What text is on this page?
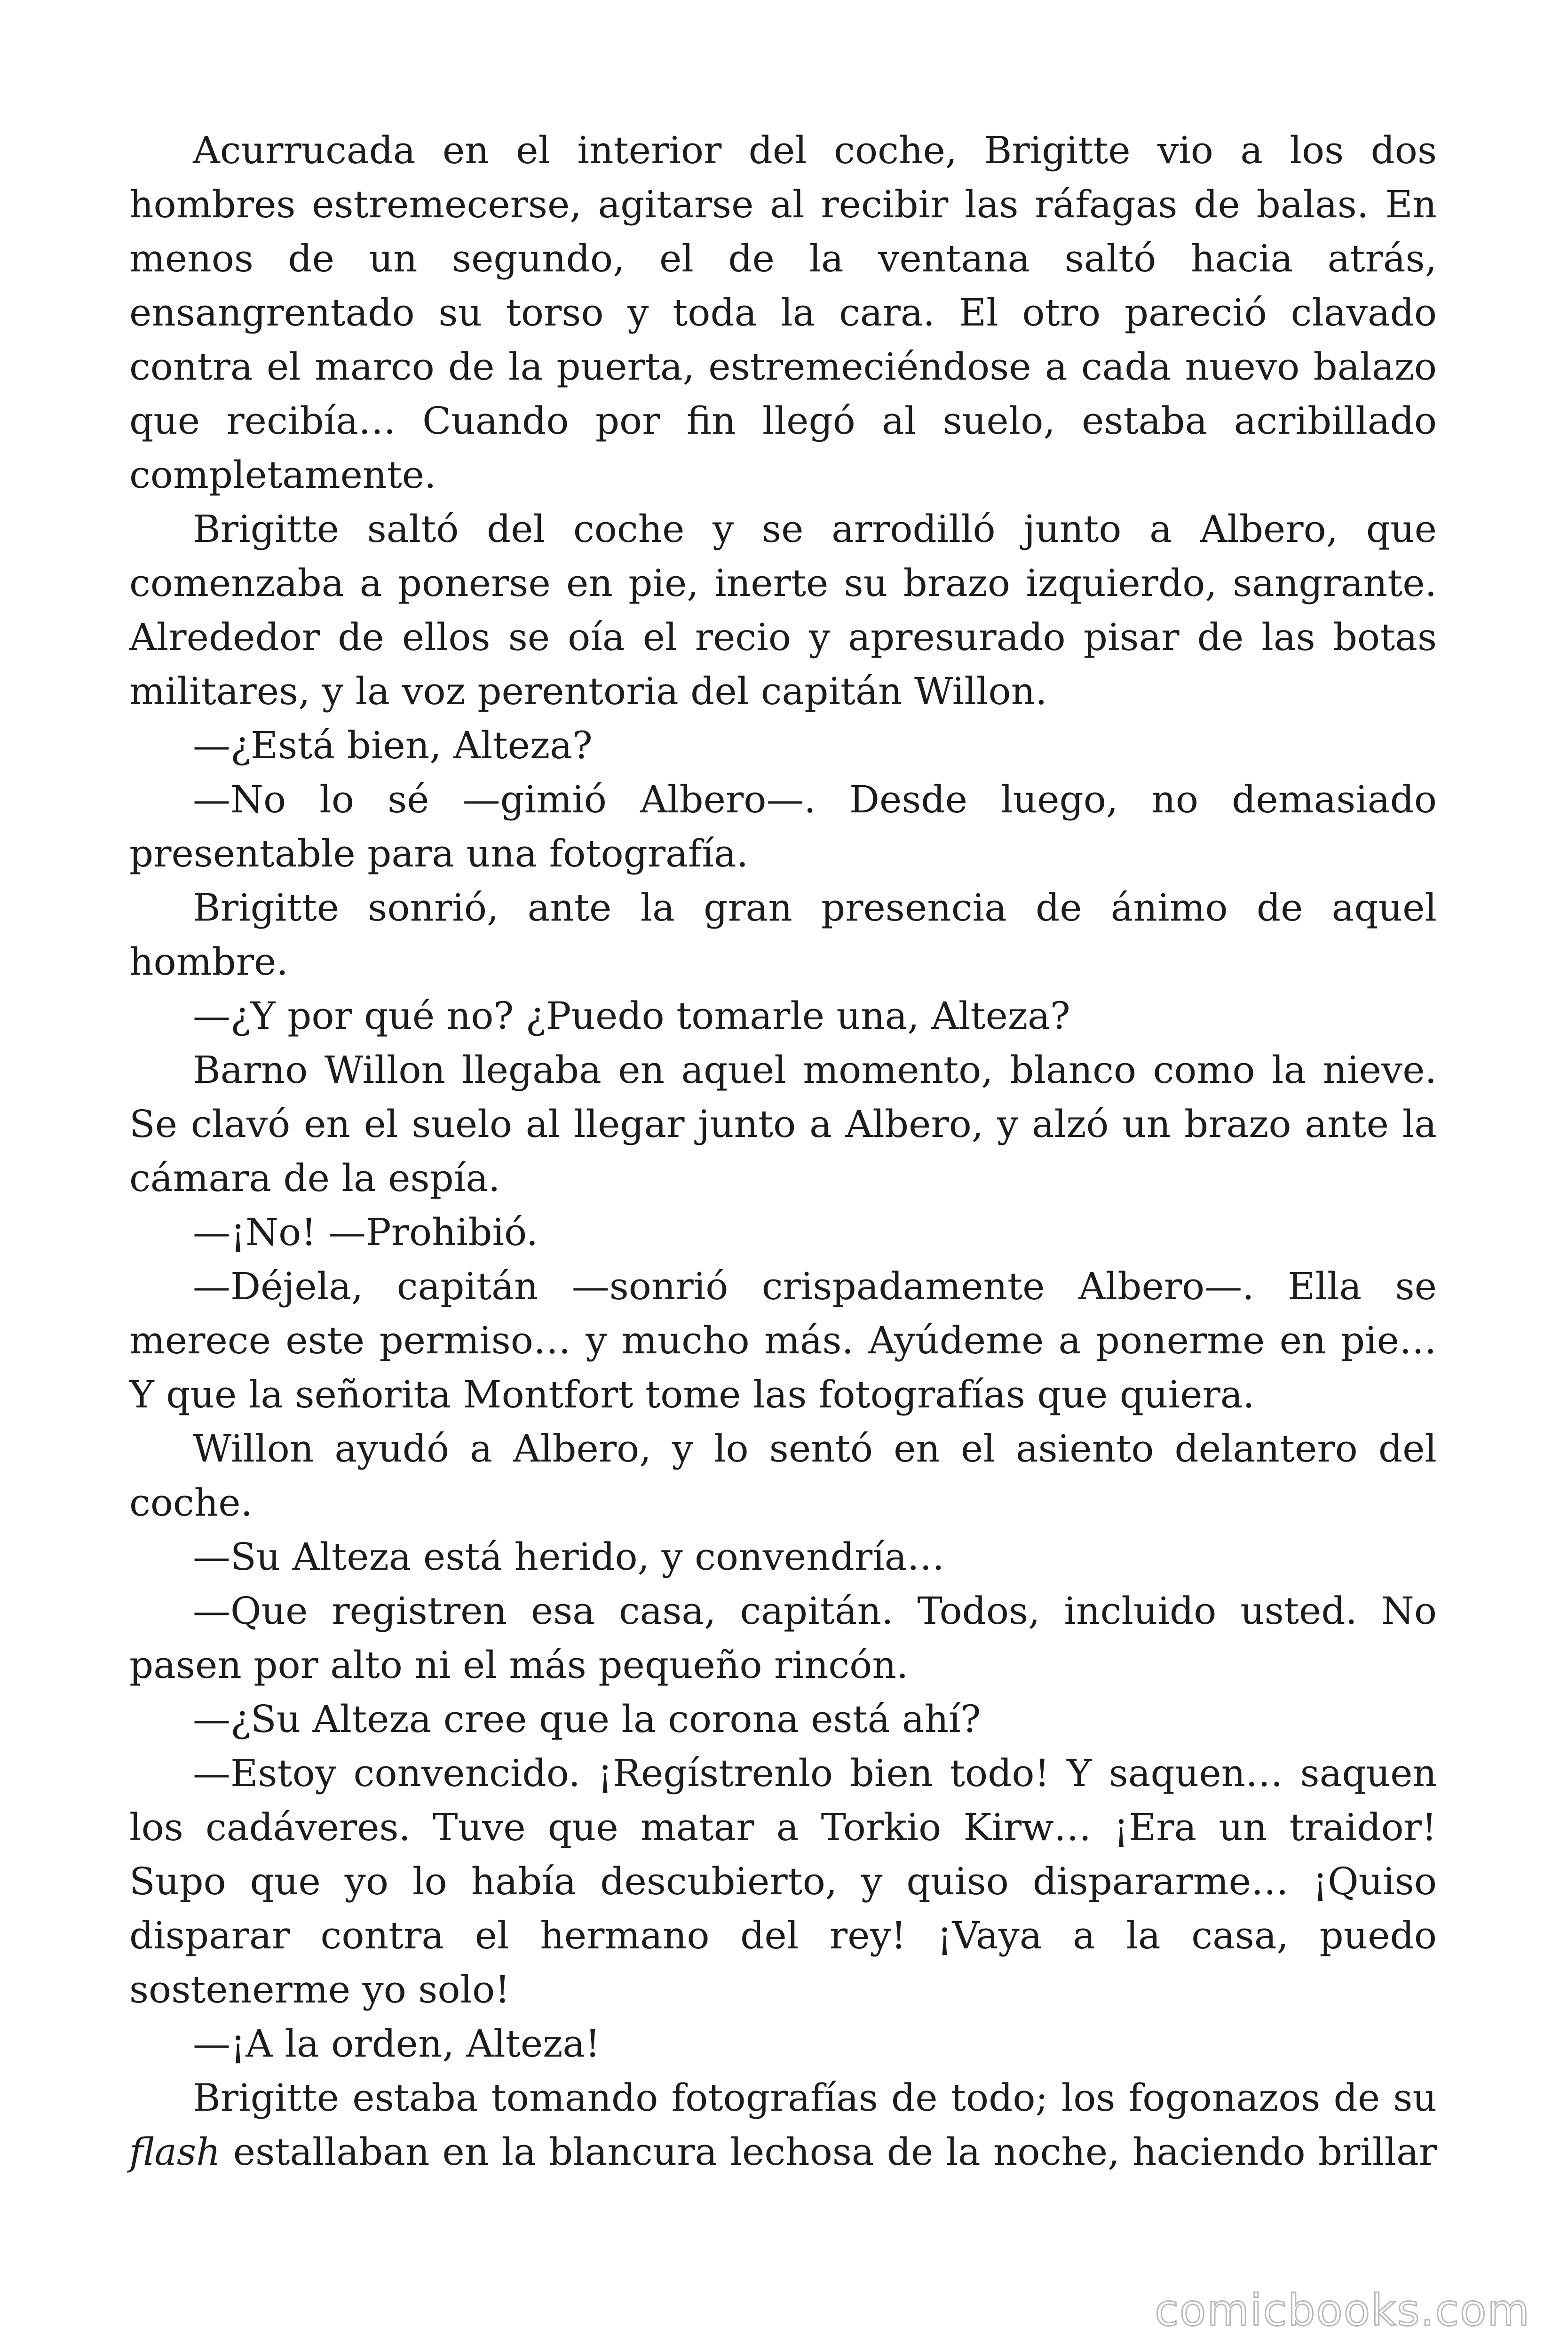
Acurrucada en el interior del coche, Brigitte vio a los dos hombres estremecerse, agitarse al recibir las ráfagas de balas. En menos de un segundo, el de la ventana saltó hacia atrás, ensangrentado su torso y toda la cara. El otro pareció clavado contra el marco de la puerta, estremeciéndose a cada nuevo balazo que recibía… Cuando por fin llegó al suelo, estaba acribillado completamente.

Brigitte saltó del coche y se arrodilló junto a Albero, que comenzaba a ponerse en pie, inerte su brazo izquierdo, sangrante. Alrededor de ellos se oía el recio y apresurado pisar de las botas militares, y la voz perentoria del capitán Willon.

—¿Está bien, Alteza?

—No lo sé —gimió Albero—. Desde luego, no demasiado presentable para una fotografía.

Brigitte sonrió, ante la gran presencia de ánimo de aquel hombre.

—¿Y por qué no? ¿Puedo tomarle una, Alteza?

Barno Willon llegaba en aquel momento, blanco como la nieve. Se clavó en el suelo al llegar junto a Albero, y alzó un brazo ante la cámara de la espía.

—¡No! —Prohibió.

—Déjela, capitán —sonrió crispadamente Albero—. Ella se merece este permiso… y mucho más. Ayúdeme a ponerme en pie… Y que la señorita Montfort tome las fotografías que quiera.

Willon ayudó a Albero, y lo sentó en el asiento delantero del coche.

—Su Alteza está herido, y convendría…

—Que registren esa casa, capitán. Todos, incluido usted. No pasen por alto ni el más pequeño rincón.

—¿Su Alteza cree que la corona está ahí?

—Estoy convencido. ¡Regístrenlo bien todo! Y saquen… saquen los cadáveres. Tuve que matar a Torkio Kirw… ¡Era un traidor! Supo que yo lo había descubierto, y quiso dispararme… ¡Quiso disparar contra el hermano del rey! ¡Vaya a la casa, puedo sostenerme yo solo!

—¡A la orden, Alteza!

Brigitte estaba tomando fotografías de todo; los fogonazos de su flash estallaban en la blancura lechosa de la noche, haciendo brillar

comicbooks.com
